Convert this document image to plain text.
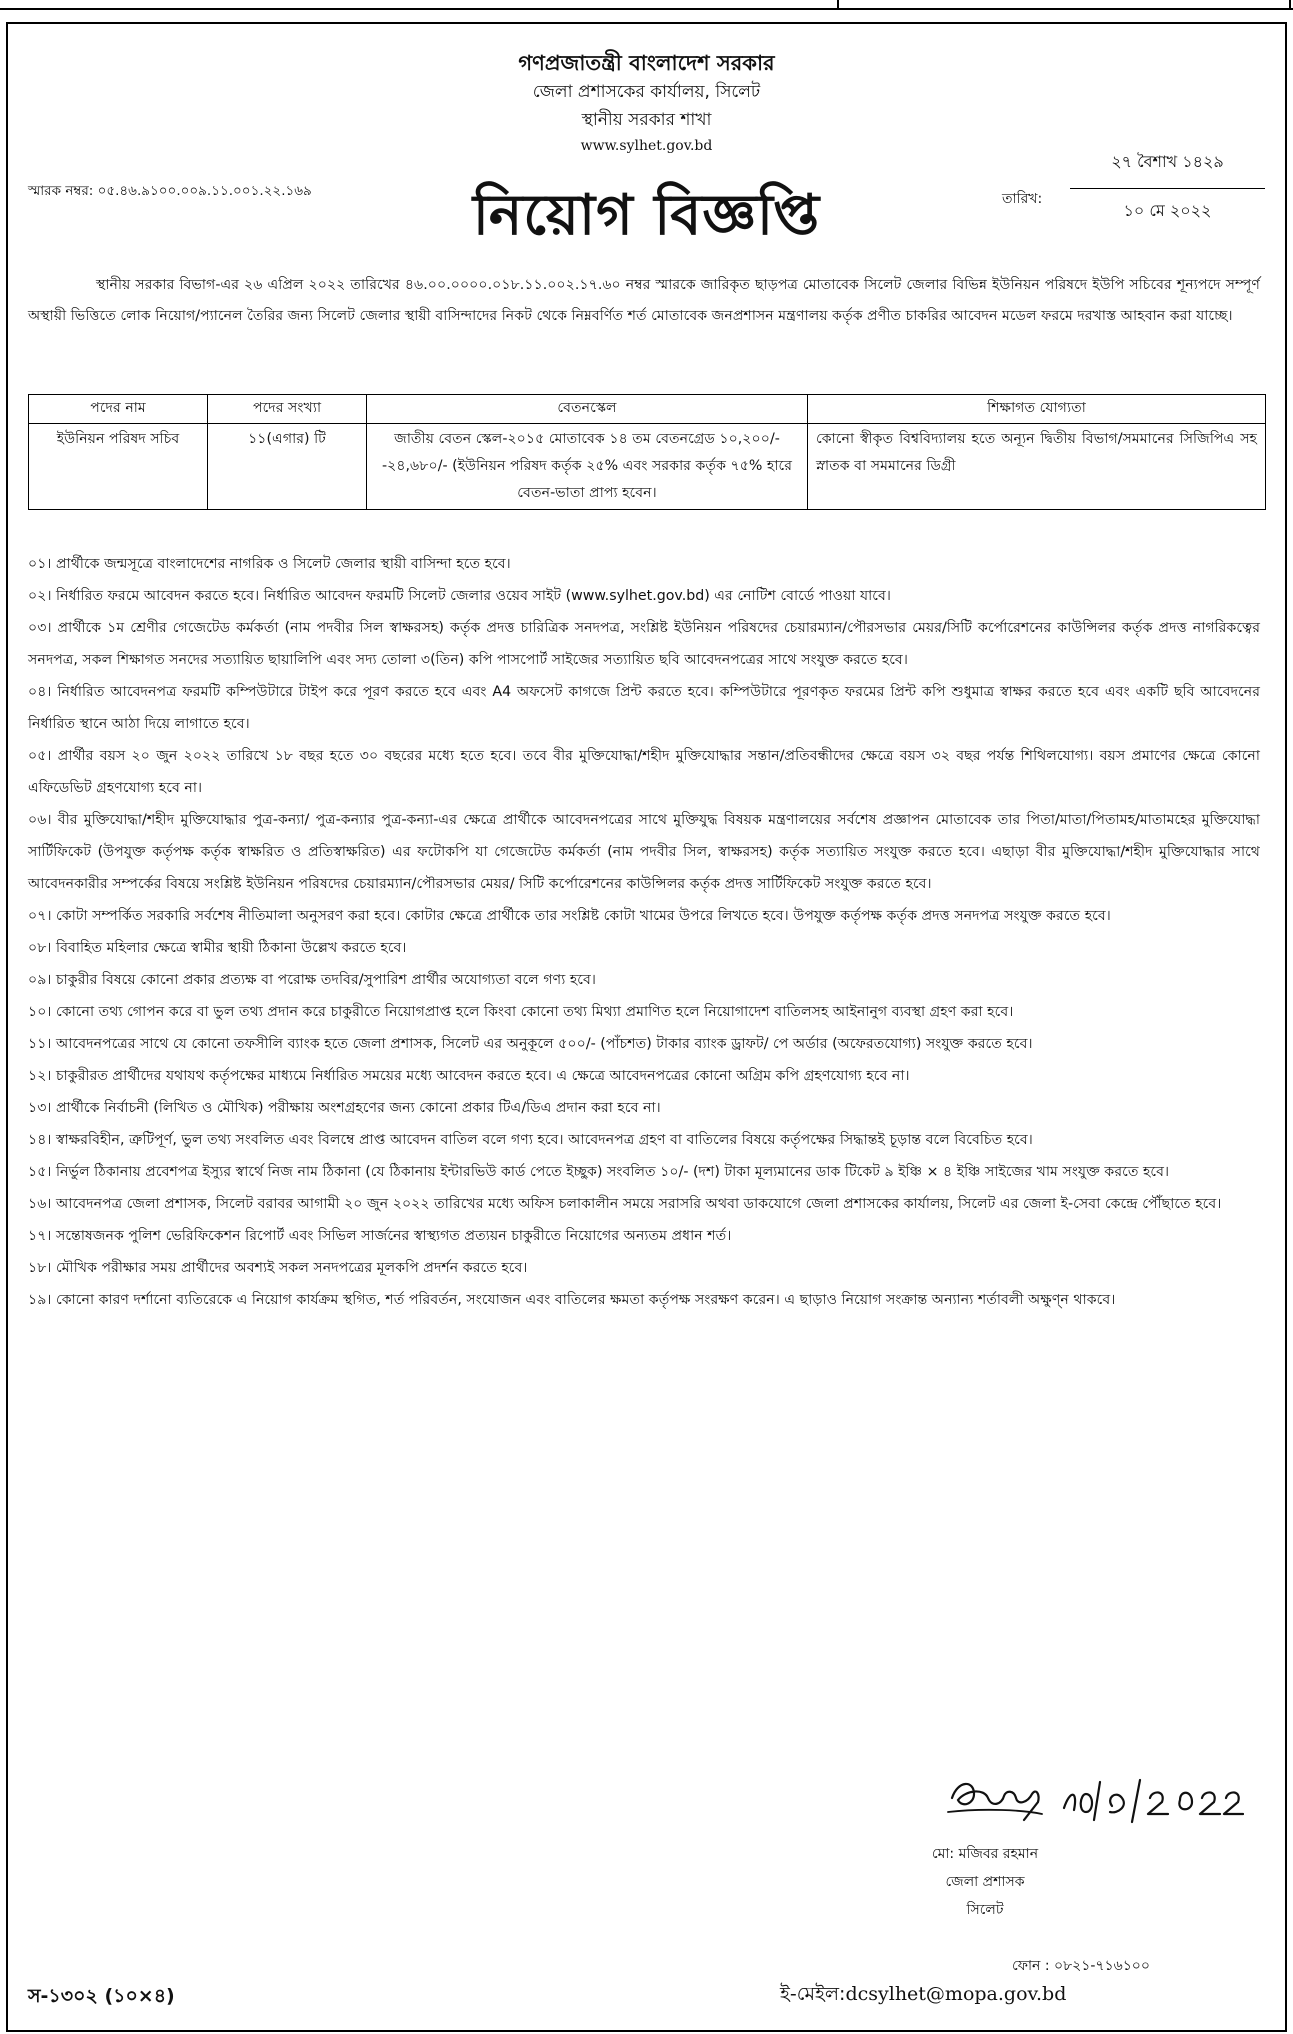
গণপ্রজাতন্ত্রী বাংলাদেশ সরকার
জেলা প্রশাসকের কার্যালয়, সিলেট
স্থানীয় সরকার শাখা
www.sylhet.gov.bd
স্মারক নম্বর: ০৫.৪৬.৯১০০.০০৯.১১.০০১.২২.১৬৯	তারিখ:
২৭ বৈশাখ ১৪২৯
১০ মে ২০২২
নিয়োগ বিজ্ঞপ্তি
স্থানীয় সরকার বিভাগ-এর ২৬ এপ্রিল ২০২২ তারিখের ৪৬.০০.০০০০.০১৮.১১.০০২.১৭.৬০ নম্বর স্মারকে জারিকৃত ছাড়পত্র মোতাবেক সিলেট জেলার বিভিন্ন ইউনিয়ন পরিষদে ইউপি সচিবের শূন্যপদে সম্পূর্ণ অস্থায়ী ভিত্তিতে লোক নিয়োগ/প্যানেল তৈরির জন্য সিলেট জেলার স্থায়ী বাসিন্দাদের নিকট থেকে নিম্নবর্ণিত শর্ত মোতাবেক জনপ্রশাসন মন্ত্রণালয় কর্তৃক প্রণীত চাকরির আবেদন মডেল ফরমে দরখাস্ত আহবান করা যাচ্ছে।
পদের নাম	পদের সংখ্যা	বেতনস্কেল	শিক্ষাগত যোগ্যতা
ইউনিয়ন পরিষদ সচিব	১১(এগার) টি	জাতীয় বেতন স্কেল-২০১৫ মোতাবেক ১৪ তম বেতনগ্রেড ১০,২০০/--২৪,৬৮০/- (ইউনিয়ন পরিষদ কর্তৃক ২৫% এবং সরকার কর্তৃক ৭৫% হারে বেতন-ভাতা প্রাপ্য হবেন।	কোনো স্বীকৃত বিশ্ববিদ্যালয় হতে অন্যূন দ্বিতীয় বিভাগ/সমমানের সিজিপিএ সহ স্নাতক বা সমমানের ডিগ্রী

০১। প্রার্থীকে জন্মসূত্রে বাংলাদেশের নাগরিক ও সিলেট জেলার স্থায়ী বাসিন্দা হতে হবে।

০২। নির্ধারিত ফরমে আবেদন করতে হবে। নির্ধারিত আবেদন ফরমটি সিলেট জেলার ওয়েব সাইট (www.sylhet.gov.bd) এর নোটিশ বোর্ডে পাওয়া যাবে।

০৩। প্রার্থীকে ১ম শ্রেণীর গেজেটেড কর্মকর্তা (নাম পদবীর সিল স্বাক্ষরসহ) কর্তৃক প্রদত্ত চারিত্রিক সনদপত্র, সংশ্লিষ্ট ইউনিয়ন পরিষদের চেয়ারম্যান/পৌরসভার মেয়র/সিটি কর্পোরেশনের কাউন্সিলর কর্তৃক প্রদত্ত নাগরিকত্বের সনদপত্র, সকল শিক্ষাগত সনদের সত্যায়িত ছায়ালিপি এবং সদ্য তোলা ৩(তিন) কপি পাসপোর্ট সাইজের সত্যায়িত ছবি আবেদনপত্রের সাথে সংযুক্ত করতে হবে।

০৪। নির্ধারিত আবেদনপত্র ফরমটি কম্পিউটারে টাইপ করে পূরণ করতে হবে এবং A4 অফসেট কাগজে প্রিন্ট করতে হবে। কম্পিউটারে পূরণকৃত ফরমের প্রিন্ট কপি শুধুমাত্র স্বাক্ষর করতে হবে এবং একটি ছবি আবেদনের নির্ধারিত স্থানে আঠা দিয়ে লাগাতে হবে।

০৫। প্রার্থীর বয়স ২০ জুন ২০২২ তারিখে ১৮ বছর হতে ৩০ বছরের মধ্যে হতে হবে। তবে বীর মুক্তিযোদ্ধা/শহীদ মুক্তিযোদ্ধার সন্তান/প্রতিবন্ধীদের ক্ষেত্রে বয়স ৩২ বছর পর্যন্ত শিথিলযোগ্য। বয়স প্রমাণের ক্ষেত্রে কোনো এফিডেভিট গ্রহণযোগ্য হবে না।

০৬। বীর মুক্তিযোদ্ধা/শহীদ মুক্তিযোদ্ধার পুত্র-কন্যা/ পুত্র-কন্যার পুত্র-কন্যা-এর ক্ষেত্রে প্রার্থীকে আবেদনপত্রের সাথে মুক্তিযুদ্ধ বিষয়ক মন্ত্রণালয়ের সর্বশেষ প্রজ্ঞাপন মোতাবেক তার পিতা/মাতা/পিতামহ/মাতামহের মুক্তিযোদ্ধা সার্টিফিকেট (উপযুক্ত কর্তৃপক্ষ কর্তৃক স্বাক্ষরিত ও প্রতিস্বাক্ষরিত) এর ফটোকপি যা গেজেটেড কর্মকর্তা (নাম পদবীর সিল, স্বাক্ষরসহ) কর্তৃক সত্যায়িত সংযুক্ত করতে হবে। এছাড়া বীর মুক্তিযোদ্ধা/শহীদ মুক্তিযোদ্ধার সাথে আবেদনকারীর সম্পর্কের বিষয়ে সংশ্লিষ্ট ইউনিয়ন পরিষদের চেয়ারম্যান/পৌরসভার মেয়র/ সিটি কর্পোরেশনের কাউন্সিলর কর্তৃক প্রদত্ত সার্টিফিকেট সংযুক্ত করতে হবে।

০৭। কোটা সম্পর্কিত সরকারি সর্বশেষ নীতিমালা অনুসরণ করা হবে। কোটার ক্ষেত্রে প্রার্থীকে তার সংশ্লিষ্ট কোটা খামের উপরে লিখতে হবে। উপযুক্ত কর্তৃপক্ষ কর্তৃক প্রদত্ত সনদপত্র সংযুক্ত করতে হবে।

০৮। বিবাহিত মহিলার ক্ষেত্রে স্বামীর স্থায়ী ঠিকানা উল্লেখ করতে হবে।

০৯। চাকুরীর বিষয়ে কোনো প্রকার প্রত্যক্ষ বা পরোক্ষ তদবির/সুপারিশ প্রার্থীর অযোগ্যতা বলে গণ্য হবে।

১০। কোনো তথ্য গোপন করে বা ভুল তথ্য প্রদান করে চাকুরীতে নিয়োগপ্রাপ্ত হলে কিংবা কোনো তথ্য মিথ্যা প্রমাণিত হলে নিয়োগাদেশ বাতিলসহ আইনানুগ ব্যবস্থা গ্রহণ করা হবে।

১১। আবেদনপত্রের সাথে যে কোনো তফসীলি ব্যাংক হতে জেলা প্রশাসক, সিলেট এর অনুকূলে ৫০০/- (পাঁচশত) টাকার ব্যাংক ড্রাফট/ পে অর্ডার (অফেরতযোগ্য) সংযুক্ত করতে হবে।

১২। চাকুরীরত প্রার্থীদের যথাযথ কর্তৃপক্ষের মাধ্যমে নির্ধারিত সময়ের মধ্যে আবেদন করতে হবে। এ ক্ষেত্রে আবেদনপত্রের কোনো অগ্রিম কপি গ্রহণযোগ্য হবে না।

১৩। প্রার্থীকে নির্বাচনী (লিখিত ও মৌখিক) পরীক্ষায় অংশগ্রহণের জন্য কোনো প্রকার টিএ/ডিএ প্রদান করা হবে না।

১৪। স্বাক্ষরবিহীন, ত্রুটিপূর্ণ, ভুল তথ্য সংবলিত এবং বিলম্বে প্রাপ্ত আবেদন বাতিল বলে গণ্য হবে। আবেদনপত্র গ্রহণ বা বাতিলের বিষয়ে কর্তৃপক্ষের সিদ্ধান্তই চূড়ান্ত বলে বিবেচিত হবে।

১৫। নির্ভুল ঠিকানায় প্রবেশপত্র ইস্যুর স্বার্থে নিজ নাম ঠিকানা (যে ঠিকানায় ইন্টারভিউ কার্ড পেতে ইচ্ছুক) সংবলিত ১০/- (দশ) টাকা মূল্যমানের ডাক টিকেট ৯ ইঞ্চি × ৪ ইঞ্চি সাইজের খাম সংযুক্ত করতে হবে।

১৬। আবেদনপত্র জেলা প্রশাসক, সিলেট বরাবর আগামী ২০ জুন ২০২২ তারিখের মধ্যে অফিস চলাকালীন সময়ে সরাসরি অথবা ডাকযোগে জেলা প্রশাসকের কার্যালয়, সিলেট এর জেলা ই-সেবা কেন্দ্রে পৌঁছাতে হবে।

১৭। সন্তোষজনক পুলিশ ভেরিফিকেশন রিপোর্ট এবং সিভিল সার্জনের স্বাস্থ্যগত প্রত্যয়ন চাকুরীতে নিয়োগের অন্যতম প্রধান শর্ত।

১৮। মৌখিক পরীক্ষার সময় প্রার্থীদের অবশ্যই সকল সনদপত্রের মূলকপি প্রদর্শন করতে হবে।

১৯। কোনো কারণ দর্শানো ব্যতিরেকে এ নিয়োগ কার্যক্রম স্থগিত, শর্ত পরিবর্তন, সংযোজন এবং বাতিলের ক্ষমতা কর্তৃপক্ষ সংরক্ষণ করেন। এ ছাড়াও নিয়োগ সংক্রান্ত অন্যান্য শর্তাবলী অক্ষুণ্ন থাকবে।

মো: মজিবর রহমান
জেলা প্রশাসক
সিলেট
ফোন : ০৮২১-৭১৬১০০
ই-মেইল:dcsylhet@mopa.gov.bd
স-১৩০২ (১০×৪)
